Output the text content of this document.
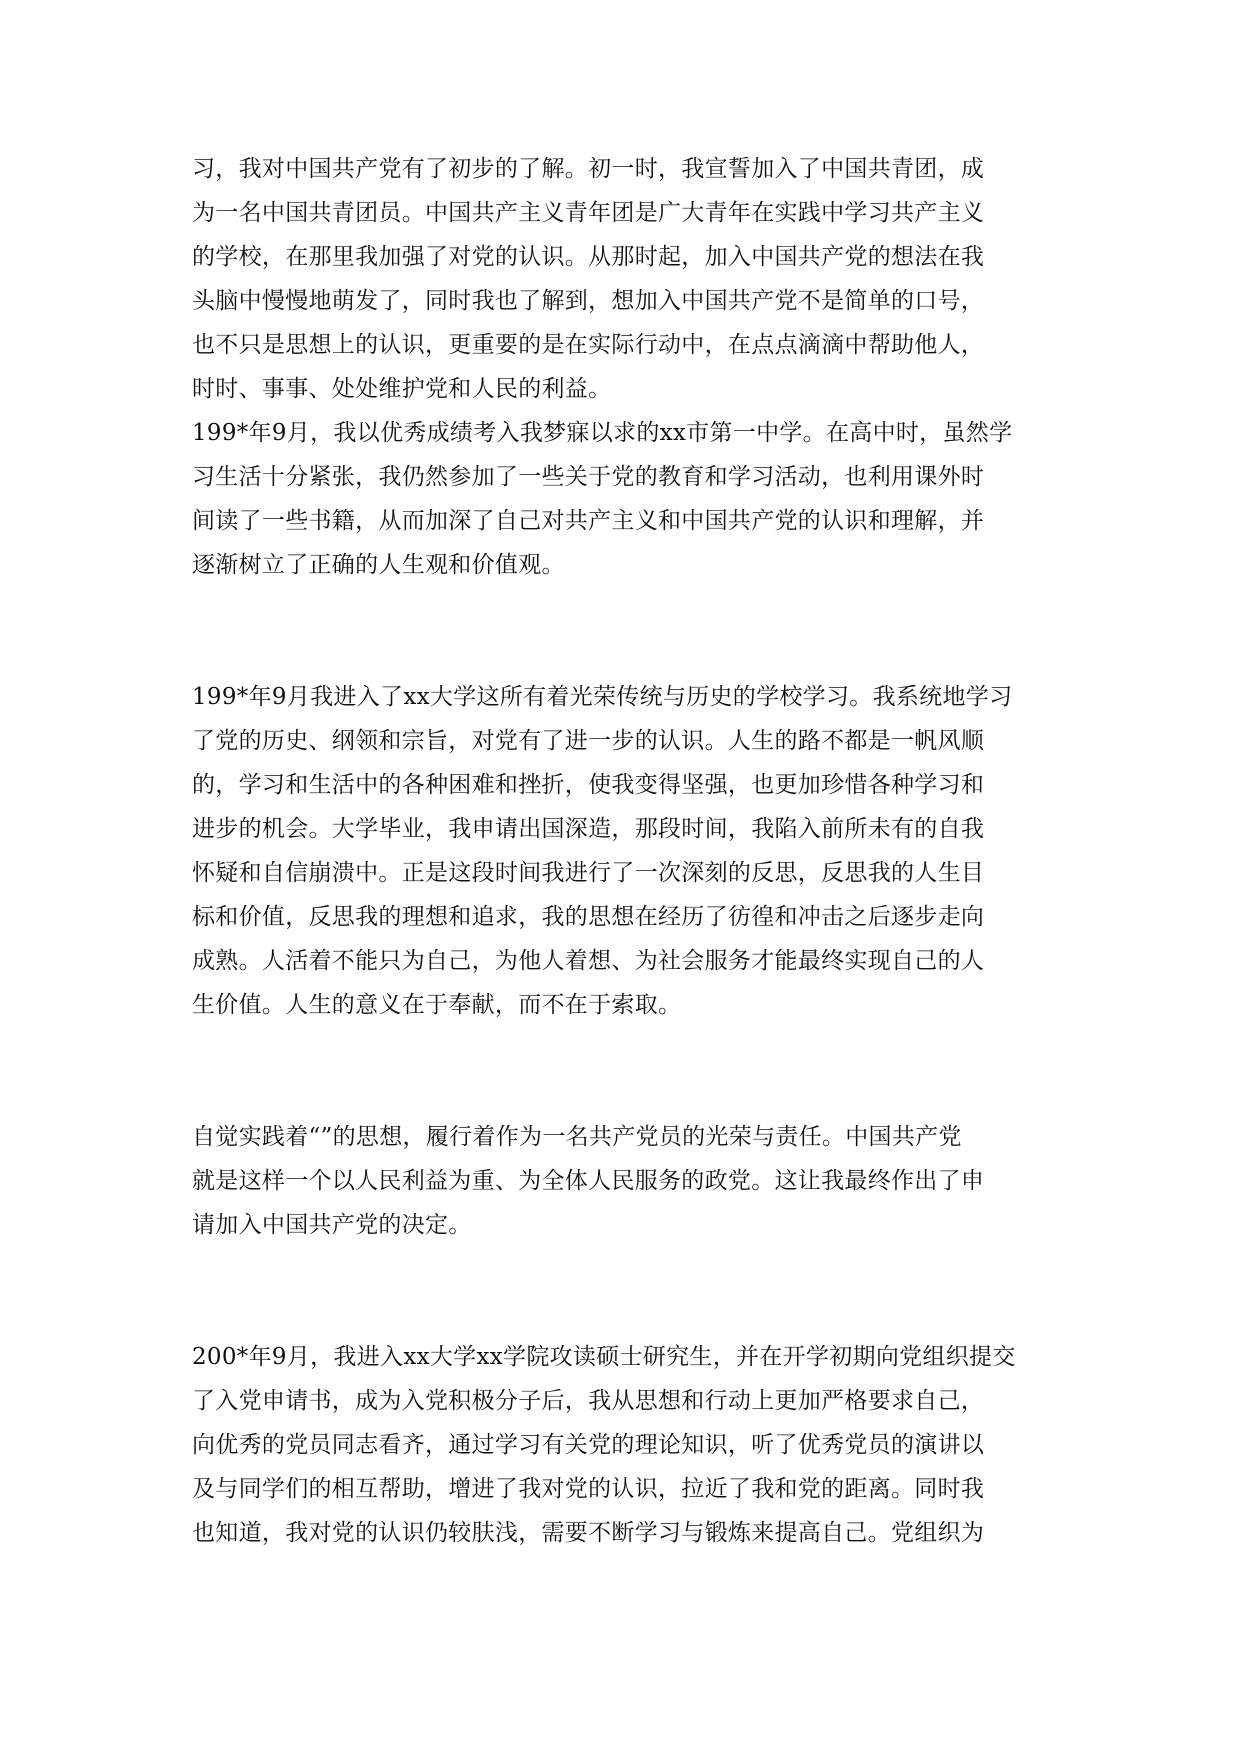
习，我对中国共产党有了初步的了解。初一时，我宣誓加入了中国共青团，成
为一名中国共青团员。中国共产主义青年团是广大青年在实践中学习共产主义
的学校，在那里我加强了对党的认识。从那时起，加入中国共产党的想法在我
头脑中慢慢地萌发了，同时我也了解到，想加入中国共产党不是简单的口号，
也不只是思想上的认识，更重要的是在实际行动中，在点点滴滴中帮助他人，
时时、事事、处处维护党和人民的利益。

199*年9月，我以优秀成绩考入我梦寐以求的xx市第一中学。在高中时，虽然学
习生活十分紧张，我仍然参加了一些关于党的教育和学习活动，也利用课外时
间读了一些书籍，从而加深了自己对共产主义和中国共产党的认识和理解，并
逐渐树立了正确的人生观和价值观。

199*年9月我进入了xx大学这所有着光荣传统与历史的学校学习。我系统地学习
了党的历史、纲领和宗旨，对党有了进一步的认识。人生的路不都是一帆风顺
的，学习和生活中的各种困难和挫折，使我变得坚强，也更加珍惜各种学习和
进步的机会。大学毕业，我申请出国深造，那段时间，我陷入前所未有的自我
怀疑和自信崩溃中。正是这段时间我进行了一次深刻的反思，反思我的人生目
标和价值，反思我的理想和追求，我的思想在经历了彷徨和冲击之后逐步走向
成熟。人活着不能只为自己，为他人着想、为社会服务才能最终实现自己的人
生价值。人生的意义在于奉献，而不在于索取。

自觉实践着“”的思想，履行着作为一名共产党员的光荣与责任。中国共产党
就是这样一个以人民利益为重、为全体人民服务的政党。这让我最终作出了申
请加入中国共产党的决定。

200*年9月，我进入xx大学xx学院攻读硕士研究生，并在开学初期向党组织提交
了入党申请书，成为入党积极分子后，我从思想和行动上更加严格要求自己，
向优秀的党员同志看齐，通过学习有关党的理论知识，听了优秀党员的演讲以
及与同学们的相互帮助，增进了我对党的认识，拉近了我和党的距离。同时我
也知道，我对党的认识仍较肤浅，需要不断学习与锻炼来提高自己。党组织为
